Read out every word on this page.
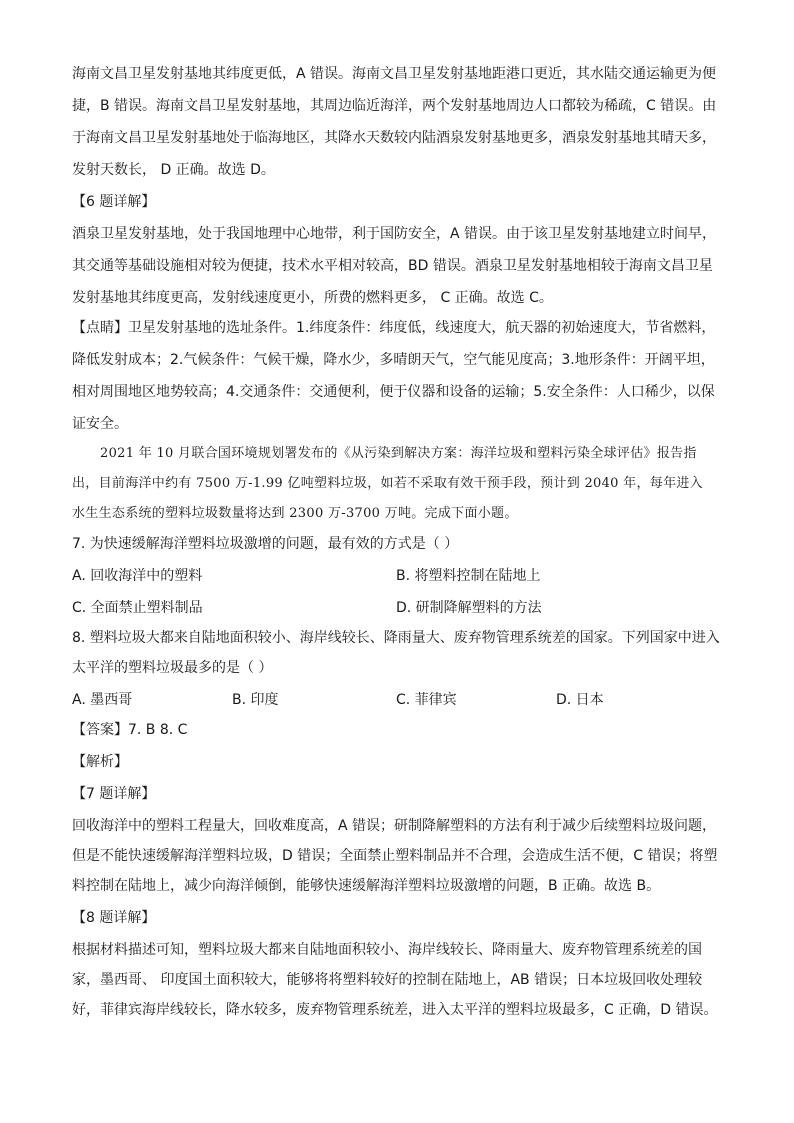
海南文昌卫星发射基地其纬度更低，A 错误。海南文昌卫星发射基地距港口更近，其水陆交通运输更为便
捷，B 错误。海南文昌卫星发射基地，其周边临近海洋，两个发射基地周边人口都较为稀疏，C 错误。由
于海南文昌卫星发射基地处于临海地区，其降水天数较内陆酒泉发射基地更多，酒泉发射基地其晴天多，
发射天数长， D 正确。故选 D。
【6 题详解】
酒泉卫星发射基地，处于我国地理中心地带，利于国防安全，A 错误。由于该卫星发射基地建立时间早，
其交通等基础设施相对较为便捷，技术水平相对较高，BD 错误。酒泉卫星发射基地相较于海南文昌卫星
发射基地其纬度更高，发射线速度更小，所费的燃料更多， C 正确。故选 C。
【点睛】卫星发射基地的选址条件。1.纬度条件：纬度低，线速度大，航天器的初始速度大，节省燃料，
降低发射成本；2.气候条件：气候干燥，降水少，多晴朗天气，空气能见度高；3.地形条件：开阔平坦，
相对周围地区地势较高；4.交通条件：交通便利，便于仪器和设备的运输；5.安全条件：人口稀少，以保
证安全。
2021 年 10 月联合国环境规划署发布的《从污染到解决方案：海洋垃圾和塑料污染全球评估》报告指
出，目前海洋中约有 7500 万-1.99 亿吨塑料垃圾，如若不采取有效干预手段，预计到 2040 年，每年进入
水生生态系统的塑料垃圾数量将达到 2300 万-3700 万吨。完成下面小题。
7. 为快速缓解海洋塑料垃圾激增的问题，最有效的方式是（ ）
A. 回收海洋中的塑料	B. 将塑料控制在陆地上
C. 全面禁止塑料制品	D. 研制降解塑料的方法
8. 塑料垃圾大都来自陆地面积较小、海岸线较长、降雨量大、废弃物管理系统差的国家。下列国家中进入
太平洋的塑料垃圾最多的是（ ）
A. 墨西哥	B. 印度	C. 菲律宾	D. 日本
【答案】7. B 8. C
【解析】
【7 题详解】
回收海洋中的塑料工程量大，回收难度高，A 错误；研制降解塑料的方法有利于减少后续塑料垃圾问题，
但是不能快速缓解海洋塑料垃圾，D 错误；全面禁止塑料制品并不合理，会造成生活不便，C 错误；将塑
料控制在陆地上，减少向海洋倾倒，能够快速缓解海洋塑料垃圾激增的问题，B 正确。故选 B。
【8 题详解】
根据材料描述可知，塑料垃圾大都来自陆地面积较小、海岸线较长、降雨量大、废弃物管理系统差的国
家，墨西哥、 印度国土面积较大，能够将将塑料较好的控制在陆地上，AB 错误；日本垃圾回收处理较
好，菲律宾海岸线较长，降水较多，废弃物管理系统差，进入太平洋的塑料垃圾最多，C 正确，D 错误。
